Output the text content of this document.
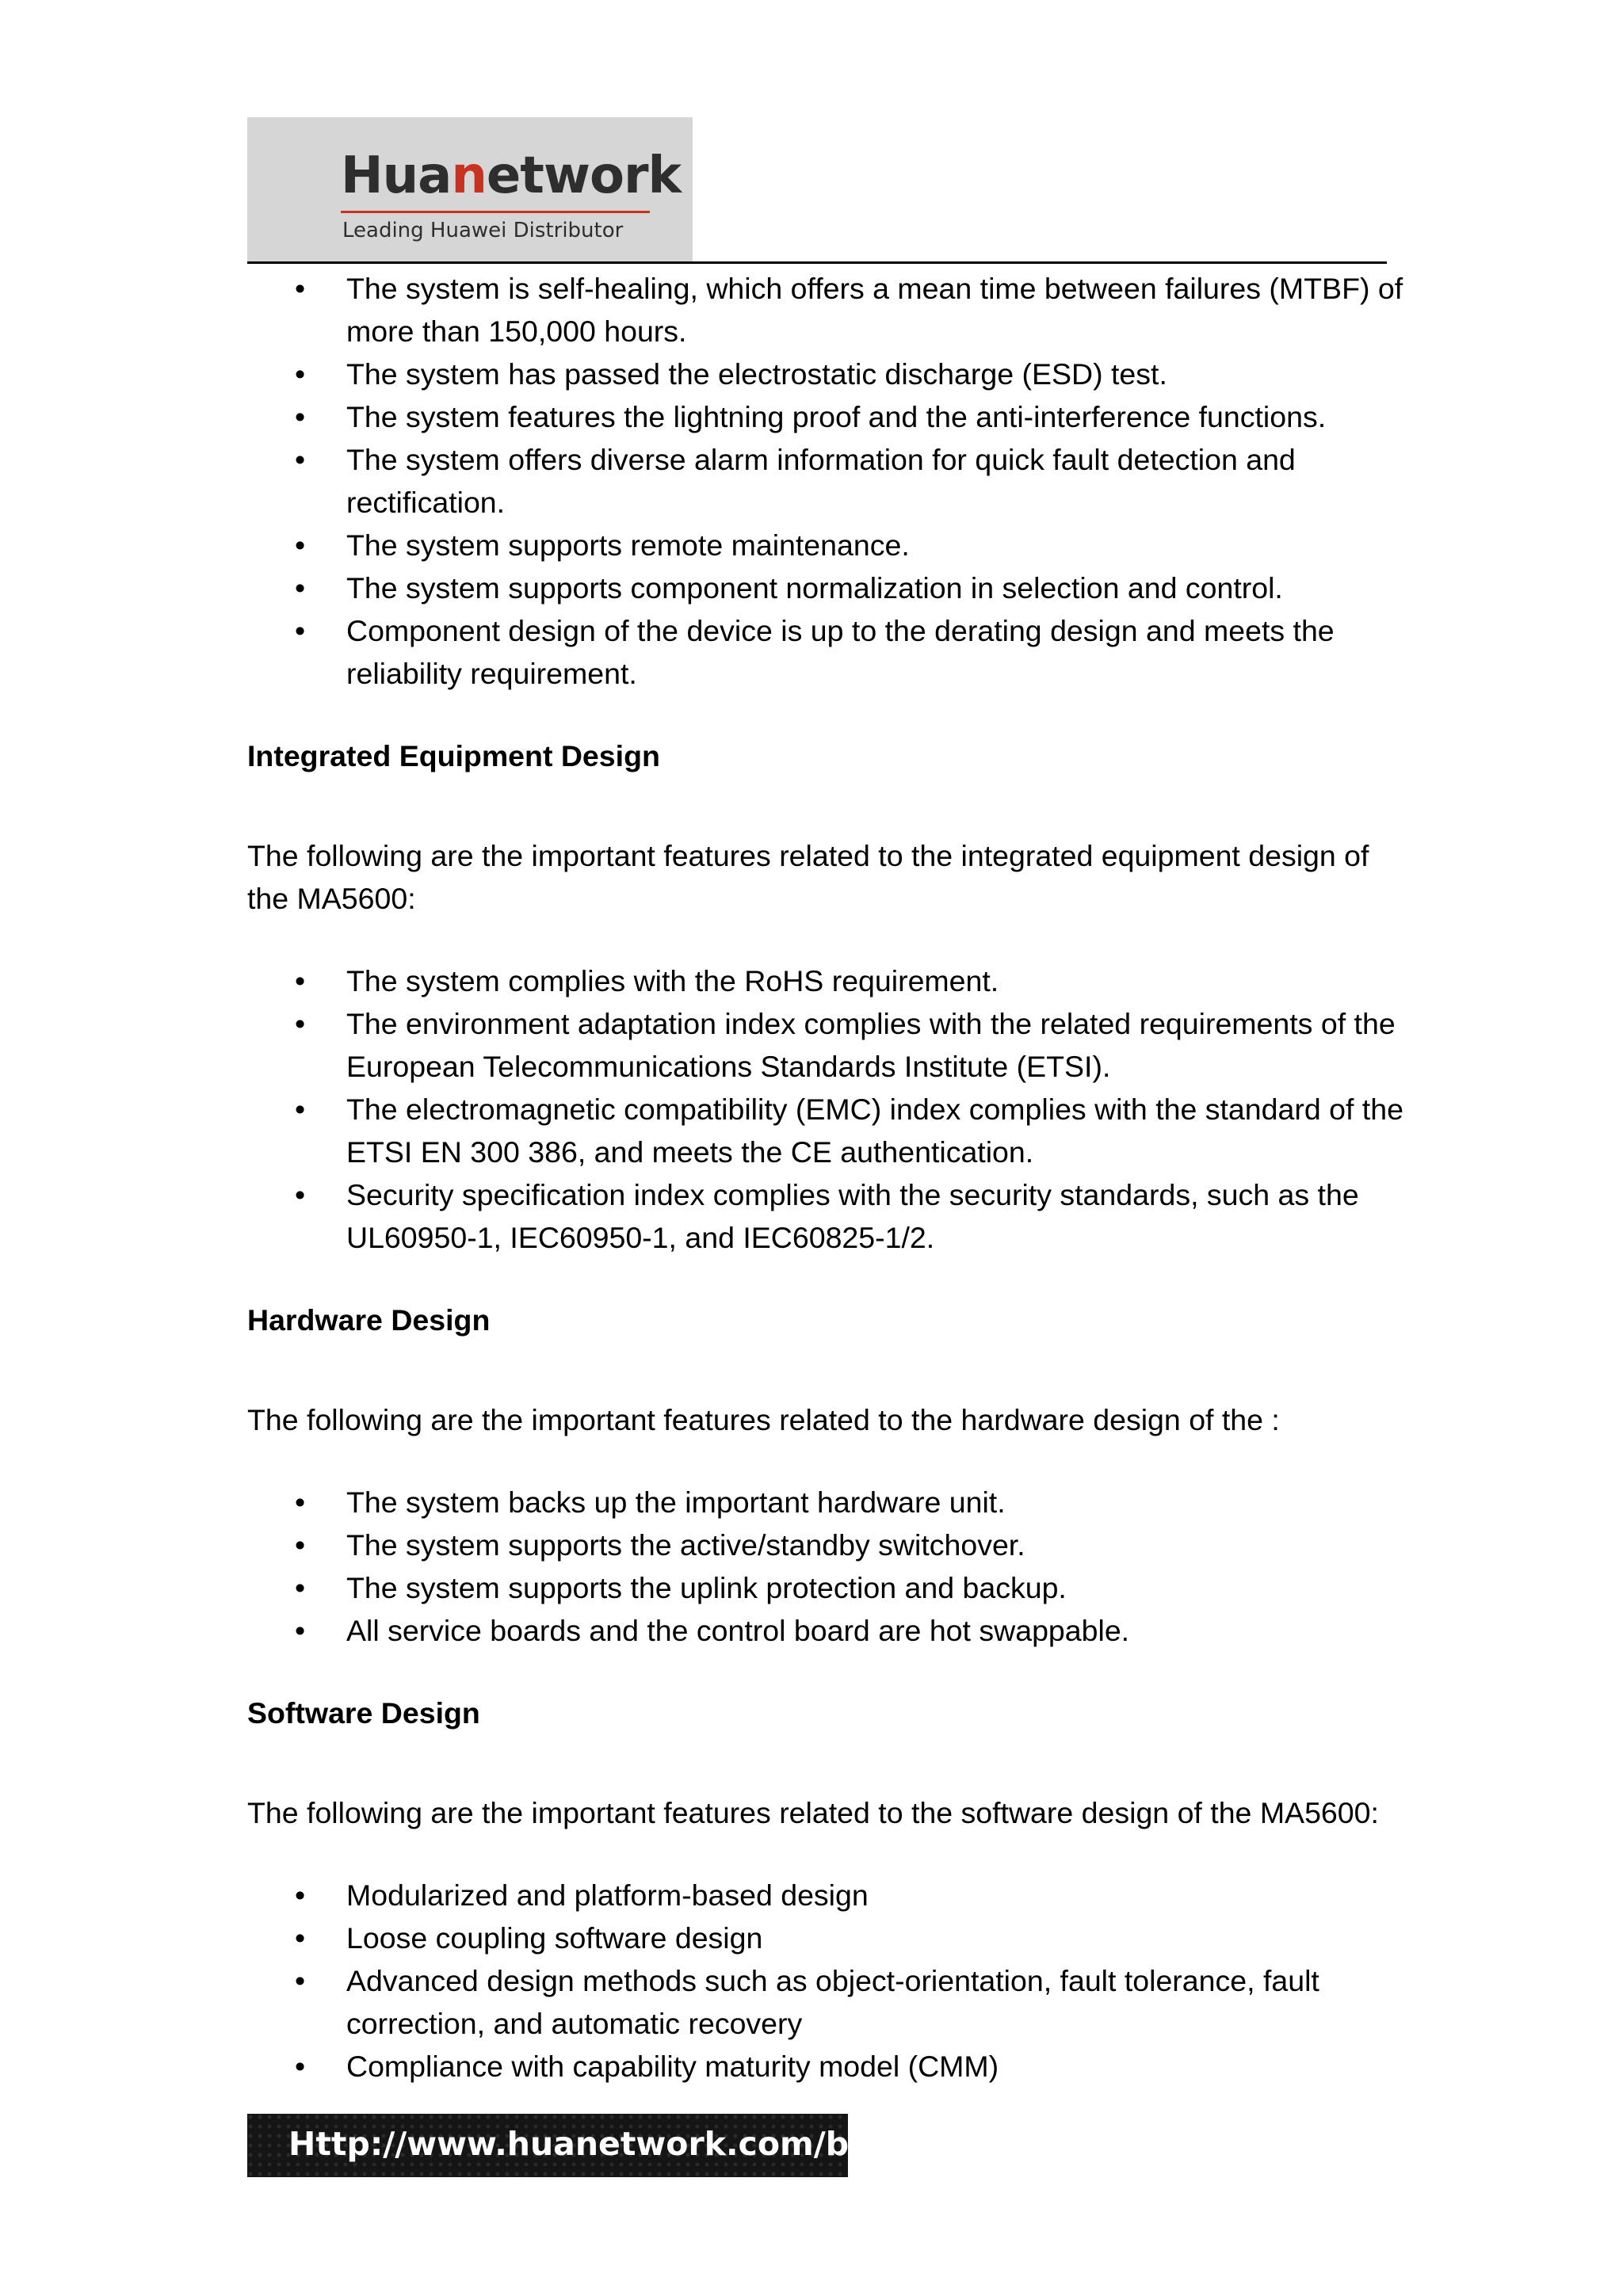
Huanetwork
Leading Huawei Distributor
• The system is self-healing, which offers a mean time between failures (MTBF) of more than 150,000 hours.
• The system has passed the electrostatic discharge (ESD) test.
• The system features the lightning proof and the anti-interference functions.
• The system offers diverse alarm information for quick fault detection and rectification.
• The system supports remote maintenance.
• The system supports component normalization in selection and control.
• Component design of the device is up to the derating design and meets the reliability requirement.

Integrated Equipment Design

The following are the important features related to the integrated equipment design of the MA5600:

• The system complies with the RoHS requirement.
• The environment adaptation index complies with the related requirements of the European Telecommunications Standards Institute (ETSI).
• The electromagnetic compatibility (EMC) index complies with the standard of the ETSI EN 300 386, and meets the CE authentication.
• Security specification index complies with the security standards, such as the UL60950-1, IEC60950-1, and IEC60825-1/2.

Hardware Design

The following are the important features related to the hardware design of the :

• The system backs up the important hardware unit.
• The system supports the active/standby switchover.
• The system supports the uplink protection and backup.
• All service boards and the control board are hot swappable.

Software Design

The following are the important features related to the software design of the MA5600:

• Modularized and platform-based design
• Loose coupling software design
• Advanced design methods such as object-orientation, fault tolerance, fault correction, and automatic recovery
• Compliance with capability maturity model (CMM)
Http://www.huanetwork.com/blog
